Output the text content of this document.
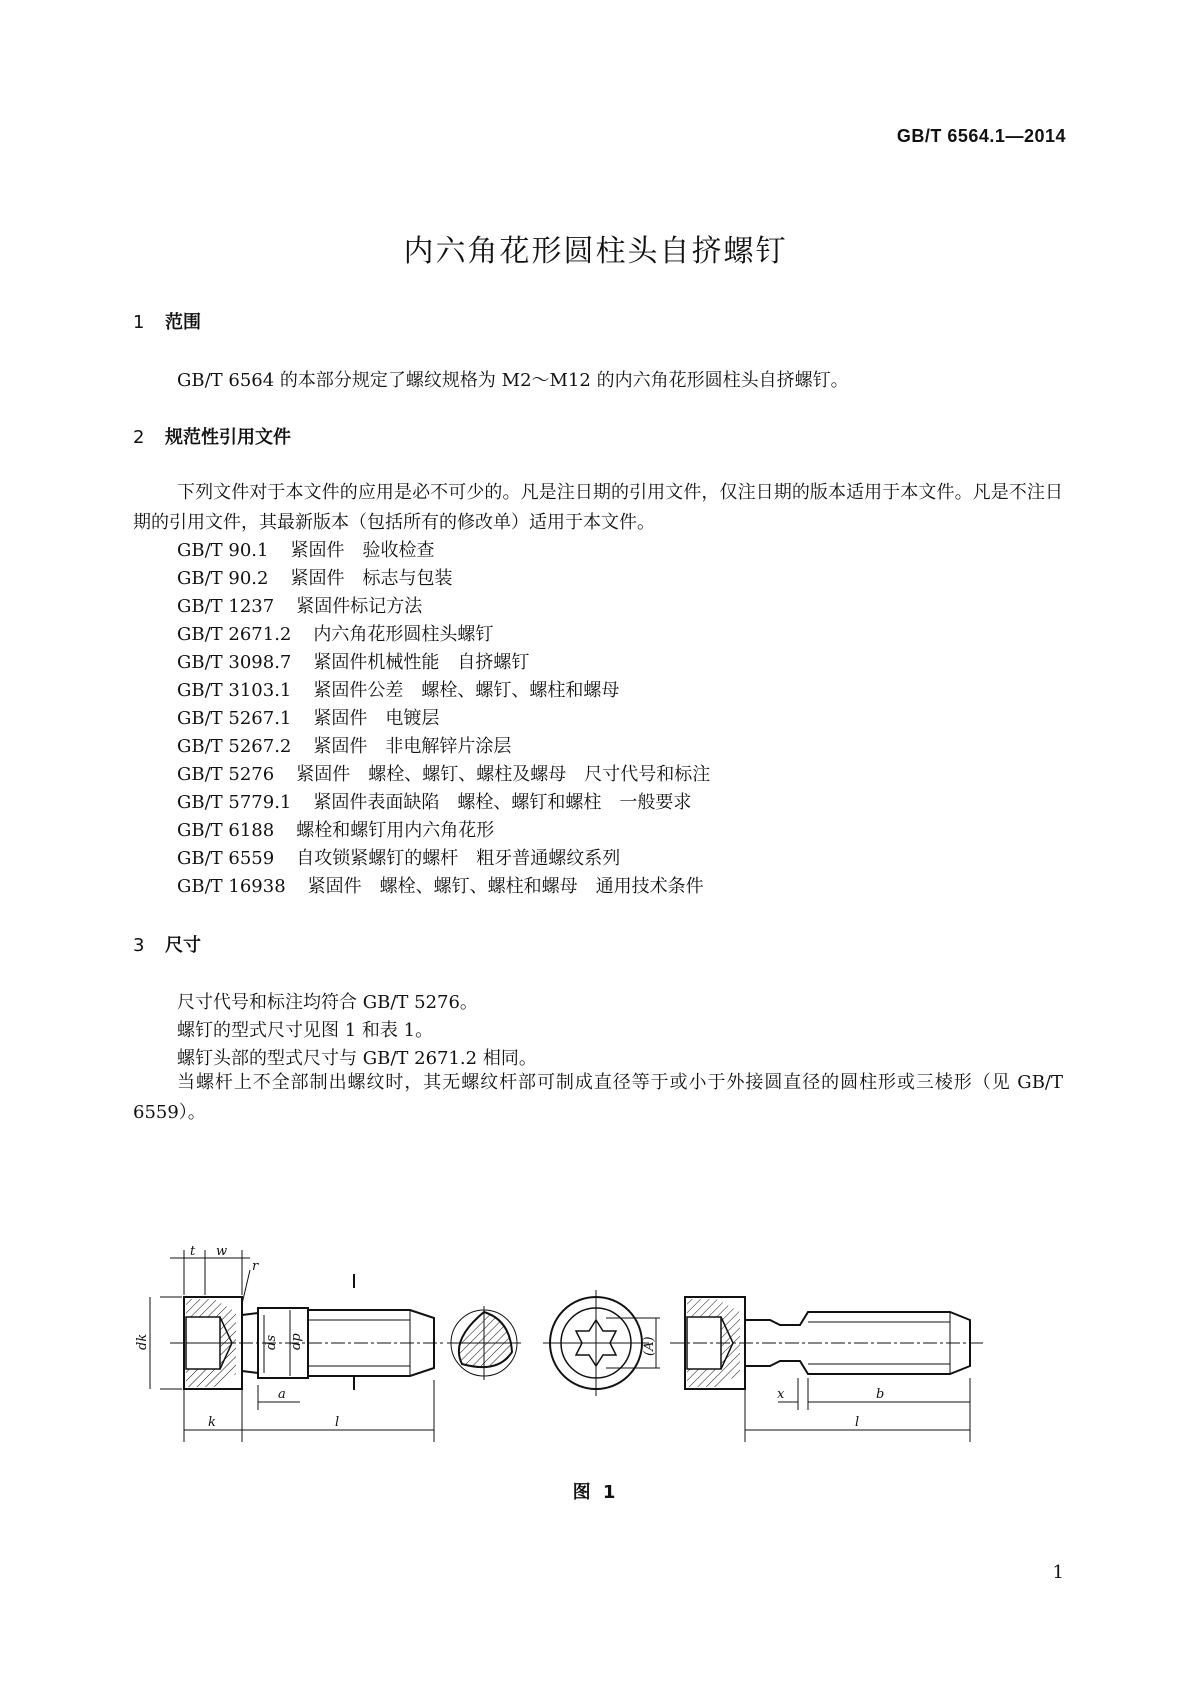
GB/T 6564.1—2014
内六角花形圆柱头自挤螺钉
1 范围
GB/T 6564 的本部分规定了螺纹规格为 M2～M12 的内六角花形圆柱头自挤螺钉。
2 规范性引用文件
下列文件对于本文件的应用是必不可少的。凡是注日期的引用文件，仅注日期的版本适用于本文件。凡是不注日期的引用文件，其最新版本（包括所有的修改单）适用于本文件。
GB/T 90.1 紧固件　验收检查
GB/T 90.2 紧固件　标志与包装
GB/T 1237 紧固件标记方法
GB/T 2671.2 内六角花形圆柱头螺钉
GB/T 3098.7 紧固件机械性能　自挤螺钉
GB/T 3103.1 紧固件公差　螺栓、螺钉、螺柱和螺母
GB/T 5267.1 紧固件　电镀层
GB/T 5267.2 紧固件　非电解锌片涂层
GB/T 5276 紧固件　螺栓、螺钉、螺柱及螺母　尺寸代号和标注
GB/T 5779.1 紧固件表面缺陷　螺栓、螺钉和螺柱　一般要求
GB/T 6188 螺栓和螺钉用内六角花形
GB/T 6559 自攻锁紧螺钉的螺杆　粗牙普通螺纹系列
GB/T 16938 紧固件　螺栓、螺钉、螺柱和螺母　通用技术条件
3 尺寸
尺寸代号和标注均符合 GB/T 5276。
螺钉的型式尺寸见图 1 和表 1。
螺钉头部的型式尺寸与 GB/T 2671.2 相同。
当螺杆上不全部制出螺纹时，其无螺纹杆部可制成直径等于或小于外接圆直径的圆柱形或三棱形（见 GB/T 6559）。
t w
r
dk	ds dp	(A)
a
k	l
x	b
l
图 1
1
